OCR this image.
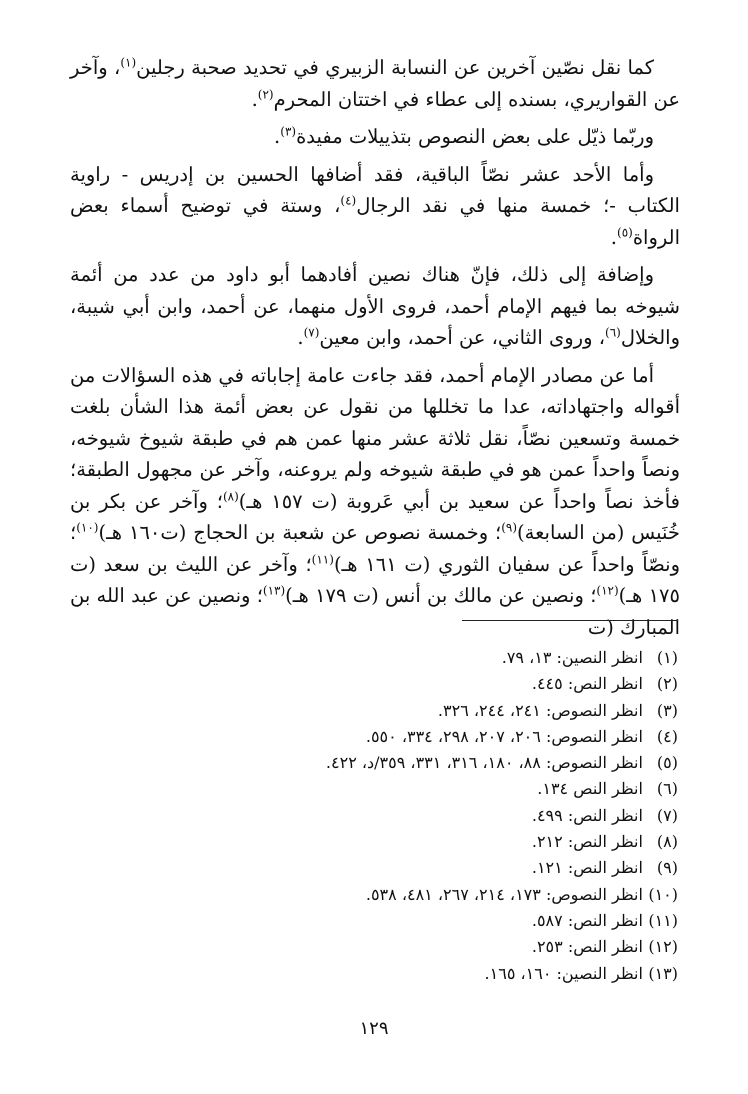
كما نقل نصّين آخرين عن النسابة الزبيري في تحديد صحبة رجلين$^{(١)}$، وآخر عن القواريري، بسنده إلى عطاء في اختتان المحرم$^{(٢)}$.

وربّما ذيّل على بعض النصوص بتذييلات مفيدة$^{(٣)}$.

وأما الأحد عشر نصّاً الباقية، فقد أضافها الحسين بن إدريس - راوية الكتاب -؛ خمسة منها في نقد الرجال$^{(٤)}$، وستة في توضيح أسماء بعض الرواة$^{(٥)}$.

وإضافة إلى ذلك، فإنّ هناك نصين أفادهما أبو داود من عدد من أئمة شيوخه بما فيهم الإمام أحمد، فروى الأول منهما، عن أحمد، وابن أبي شيبة، والخلال$^{(٦)}$، وروى الثاني، عن أحمد، وابن معين$^{(٧)}$.

أما عن مصادر الإمام أحمد، فقد جاءت عامة إجاباته في هذه السؤالات من أقواله واجتهاداته، عدا ما تخللها من نقول عن بعض أئمة هذا الشأن بلغت خمسة وتسعين نصّاً، نقل ثلاثة عشر منها عمن هم في طبقة شيوخ شيوخه، ونصاً واحداً عمن هو في طبقة شيوخه ولم يروعنه، وآخر عن مجهول الطبقة؛ فأخذ نصاً واحداً عن سعيد بن أبي عَروبة (ت ١٥٧ هـ)$^{(٨)}$؛ وآخر عن بكر بن خُنَيس (من السابعة)$^{(٩)}$؛ وخمسة نصوص عن شعبة بن الحجاج (ت١٦٠ هـ)$^{(١٠)}$؛ ونصّاً واحداً عن سفيان الثوري (ت ١٦١ هـ)$^{(١١)}$؛ وآخر عن الليث بن سعد (ت ١٧٥ هـ)$^{(١٢)}$؛ ونصين عن مالك بن أنس (ت ١٧٩ هـ)$^{(١٣)}$؛ ونصين عن عبد الله بن المبارك (ت

(١) انظر النصين: ١٣، ٧٩.
(٢) انظر النص: ٤٤٥.
(٣) انظر النصوص: ٢٤١، ٢٤٤، ٣٢٦.
(٤) انظر النصوص: ٢٠٦، ٢٠٧، ٢٩٨، ٣٣٤، ٥٥٠.
(٥) انظر النصوص: ٨٨، ١٨٠، ٣١٦، ٣٣١، ٣٥٩/د، ٤٢٢.
(٦) انظر النص ١٣٤.
(٧) انظر النص: ٤٩٩.
(٨) انظر النص: ٢١٢.
(٩) انظر النص: ١٢١.
(١٠) انظر النصوص: ١٧٣، ٢١٤، ٢٦٧، ٤٨١، ٥٣٨.
(١١) انظر النص: ٥٨٧.
(١٢) انظر النص: ٢٥٣.
(١٣) انظر النصين: ١٦٠، ١٦٥.
١٢٩
